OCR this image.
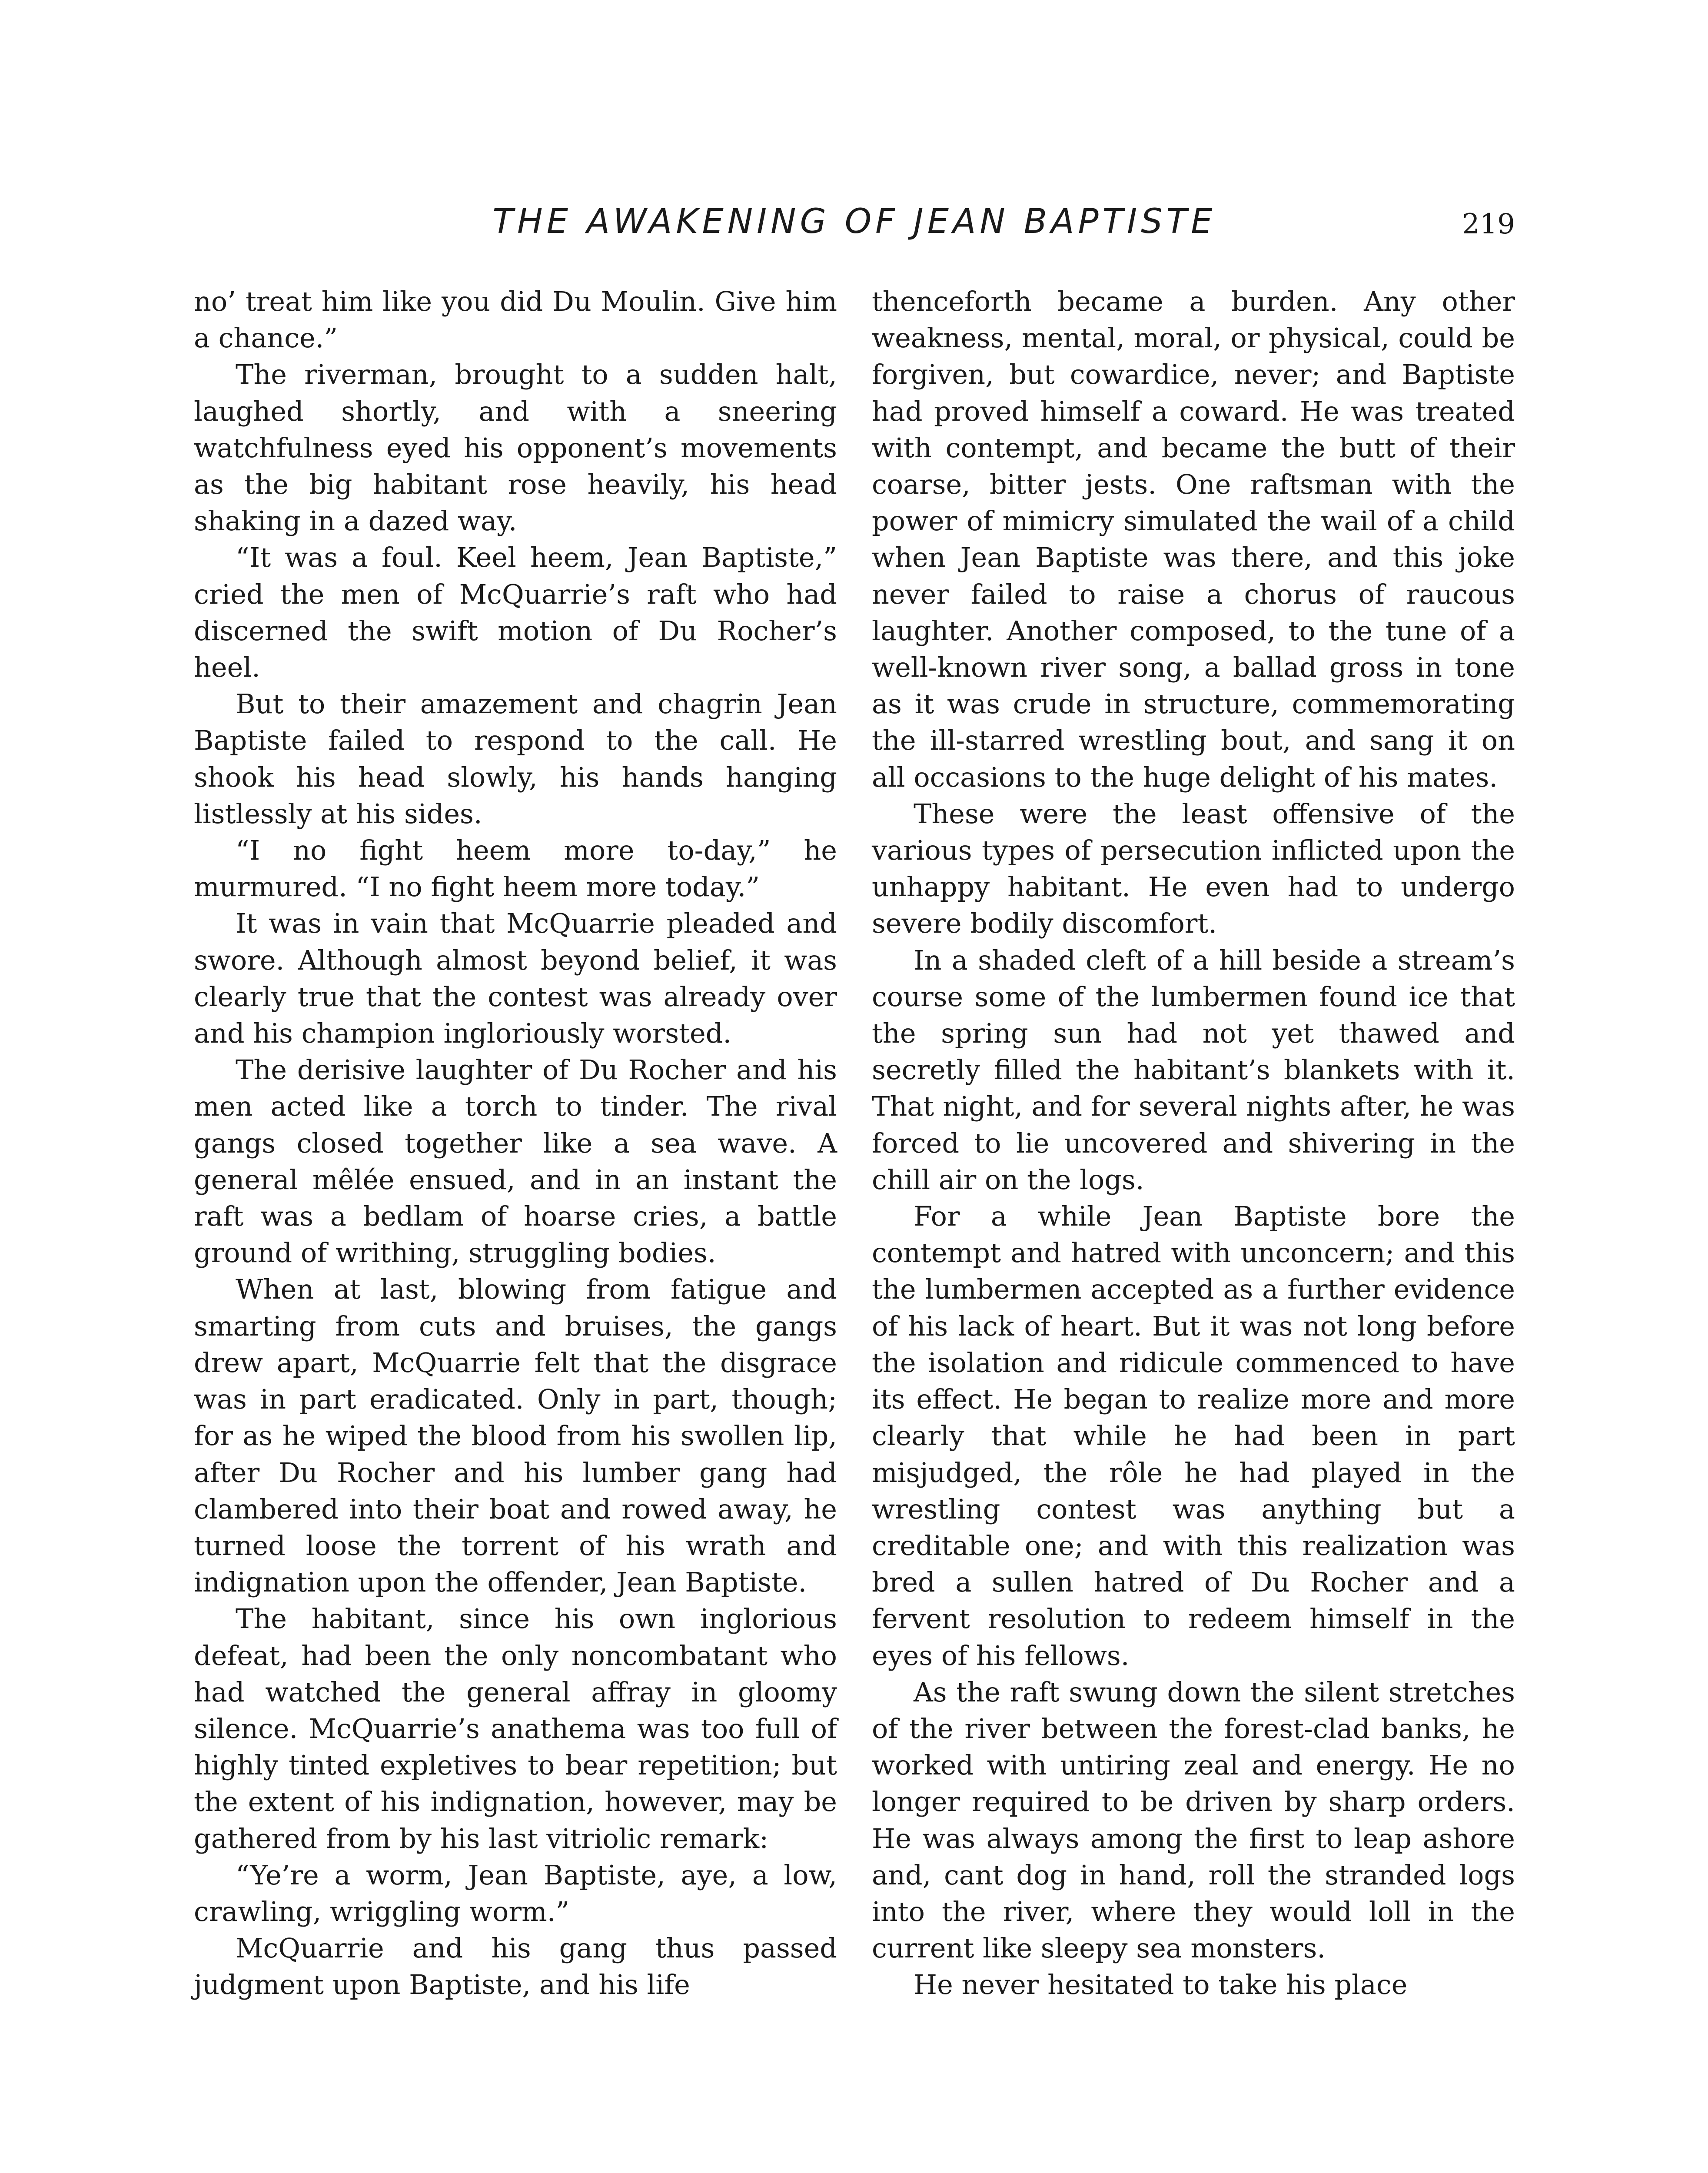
THE AWAKENING OF JEAN BAPTISTE	219

no’ treat him like you did Du Moulin. Give him a chance.”

The riverman, brought to a sudden halt, laughed shortly, and with a sneering watchfulness eyed his opponent’s movements as the big habitant rose heavily, his head shaking in a dazed way.

“It was a foul. Keel heem, Jean Baptiste,” cried the men of McQuarrie’s raft who had discerned the swift motion of Du Rocher’s heel.

But to their amazement and chagrin Jean Baptiste failed to respond to the call. He shook his head slowly, his hands hanging listlessly at his sides.

“I no fight heem more to-day,” he murmured. “I no fight heem more today.”

It was in vain that McQuarrie pleaded and swore. Although almost beyond belief, it was clearly true that the contest was already over and his champion ingloriously worsted.

The derisive laughter of Du Rocher and his men acted like a torch to tinder. The rival gangs closed together like a sea wave. A general mêlée ensued, and in an instant the raft was a bedlam of hoarse cries, a battle ground of writhing, struggling bodies.

When at last, blowing from fatigue and smarting from cuts and bruises, the gangs drew apart, McQuarrie felt that the disgrace was in part eradicated. Only in part, though; for as he wiped the blood from his swollen lip, after Du Rocher and his lumber gang had clambered into their boat and rowed away, he turned loose the torrent of his wrath and indignation upon the offender, Jean Baptiste.

The habitant, since his own inglorious defeat, had been the only noncombatant who had watched the general affray in gloomy silence. McQuarrie’s anathema was too full of highly tinted expletives to bear repetition; but the extent of his indignation, however, may be gathered from by his last vitriolic remark:

“Ye’re a worm, Jean Baptiste, aye, a low, crawling, wriggling worm.”

McQuarrie and his gang thus passed judgment upon Baptiste, and his life

thenceforth became a burden. Any other weakness, mental, moral, or physical, could be forgiven, but cowardice, never; and Baptiste had proved himself a coward. He was treated with contempt, and became the butt of their coarse, bitter jests. One raftsman with the power of mimicry simulated the wail of a child when Jean Baptiste was there, and this joke never failed to raise a chorus of raucous laughter. Another composed, to the tune of a well-known river song, a ballad gross in tone as it was crude in structure, commemorating the ill-starred wrestling bout, and sang it on all occasions to the huge delight of his mates.

These were the least offensive of the various types of persecution inflicted upon the unhappy habitant. He even had to undergo severe bodily discomfort.

In a shaded cleft of a hill beside a stream’s course some of the lumbermen found ice that the spring sun had not yet thawed and secretly filled the habitant’s blankets with it. That night, and for several nights after, he was forced to lie uncovered and shivering in the chill air on the logs.

For a while Jean Baptiste bore the contempt and hatred with unconcern; and this the lumbermen accepted as a further evidence of his lack of heart. But it was not long before the isolation and ridicule commenced to have its effect. He began to realize more and more clearly that while he had been in part misjudged, the rôle he had played in the wrestling contest was anything but a creditable one; and with this realization was bred a sullen hatred of Du Rocher and a fervent resolution to redeem himself in the eyes of his fellows.

As the raft swung down the silent stretches of the river between the forest-clad banks, he worked with untiring zeal and energy. He no longer required to be driven by sharp orders. He was always among the first to leap ashore and, cant dog in hand, roll the stranded logs into the river, where they would loll in the current like sleepy sea monsters.

He never hesitated to take his place
